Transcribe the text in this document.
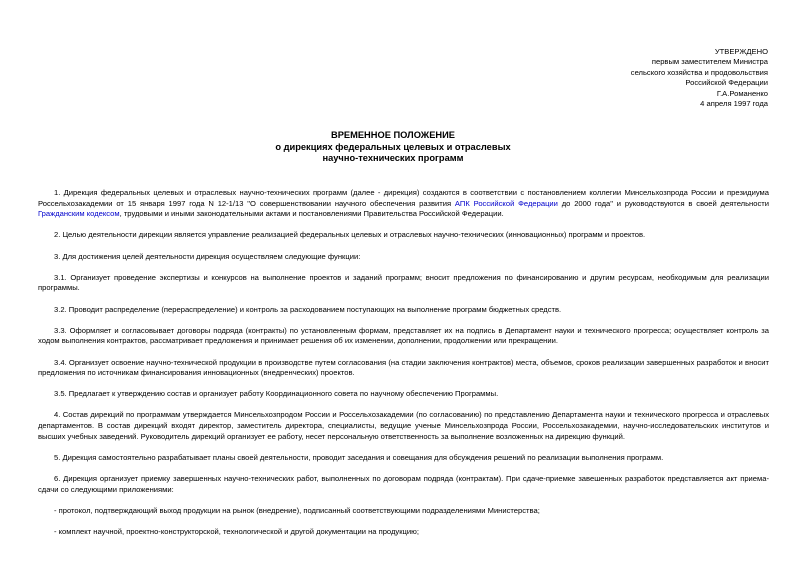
УТВЕРЖДЕНО
первым заместителем Министра
сельского хозяйства и продовольствия
Российской Федерации
Г.А.Романенко
4 апреля 1997 года
ВРЕМЕННОЕ ПОЛОЖЕНИЕ
о дирекциях федеральных целевых и отраслевых
научно-технических программ

1. Дирекция федеральных целевых и отраслевых научно-технических программ (далее - дирекция) создаются в соответствии с постановлением коллегии Минсельхозпрода России и президиума Россельхозакадемии от 15 января 1997 года N 12-1/13 "О совершенствовании научного обеспечения развития АПК Российской Федерации до 2000 года" и руководствуются в своей деятельности Гражданским кодексом, трудовыми и иными законодательными актами и постановлениями Правительства Российской Федерации.

2. Целью деятельности дирекции является управление реализацией федеральных целевых и отраслевых научно-технических (инновационных) программ и проектов.

3. Для достижения целей деятельности дирекция осуществляем следующие функции:

3.1. Организует проведение экспертизы и конкурсов на выполнение проектов и заданий программ; вносит предложения по финансированию и другим ресурсам, необходимым для реализации программы.

3.2. Проводит распределение (перераспределение) и контроль за расходованием поступающих на выполнение программ бюджетных средств.

3.3. Оформляет и согласовывает договоры подряда (контракты) по установленным формам, представляет их на подпись в Департамент науки и технического прогресса; осуществляет контроль за ходом выполнения контрактов, рассматривает предложения и принимает решения об их изменении, дополнении, продолжении или прекращении.

3.4. Организует освоение научно-технической продукции в производстве путем согласования (на стадии заключения контрактов) места, объемов, сроков реализации завершенных разработок и вносит предложения по источникам финансирования инновационных (внедренческих) проектов.

3.5. Предлагает к утверждению состав и организует работу Координационного совета по научному обеспечению Программы.

4. Состав дирекций по программам утверждается Минсельхозпродом России и Россельхозакадемии (по согласованию) по представлению Департамента науки и технического прогресса и отраслевых департаментов. В состав дирекций входят директор, заместитель директора, специалисты, ведущие ученые Минсельхозпрода России, Россельхозакадемии, научно-исследовательских институтов и высших учебных заведений. Руководитель дирекций организует ее работу, несет персональную ответственность за выполнение возложенных на дирекцию функций.

5. Дирекция самостоятельно разрабатывает планы своей деятельности, проводит заседания и совещания для обсуждения решений по реализации выполнения программ.

6. Дирекция организует приемку завершенных научно-технических работ, выполненных по договорам подряда (контрактам). При сдаче-приемке завешенных разработок представляется акт приема-сдачи со следующими приложениями:

- протокол, подтверждающий выход продукции на рынок (внедрение), подписанный соответствующими подразделениями Министерства;

- комплект научной, проектно-конструкторской, технологической и другой документации на продукцию;
